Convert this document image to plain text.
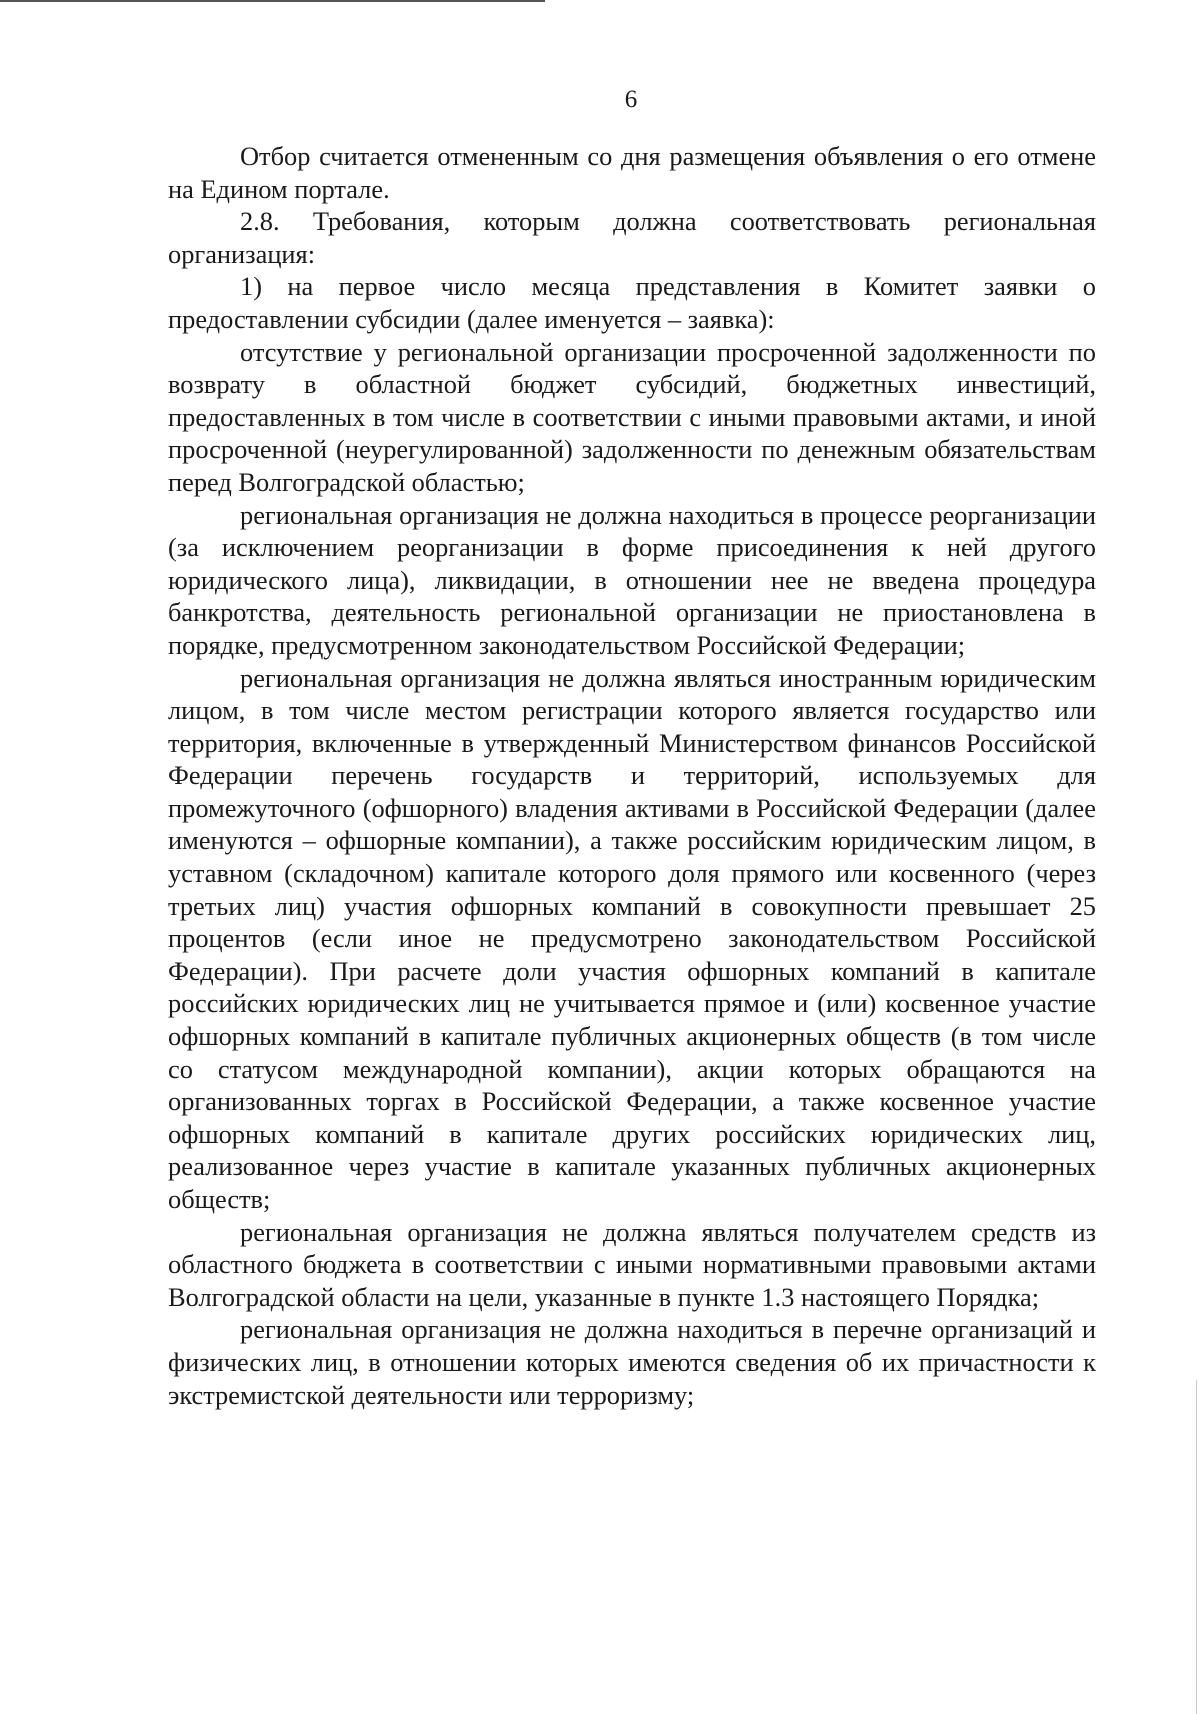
6

Отбор считается отмененным со дня размещения объявления о его отмене на Едином портале.

2.8. Требования, которым должна соответствовать региональная организация:

1) на первое число месяца представления в Комитет заявки о предоставлении субсидии (далее именуется – заявка):

отсутствие у региональной организации просроченной задолженности по возврату в областной бюджет субсидий, бюджетных инвестиций, предоставленных в том числе в соответствии с иными правовыми актами, и иной просроченной (неурегулированной) задолженности по денежным обязательствам перед Волгоградской областью;

региональная организация не должна находиться в процессе реорганизации (за исключением реорганизации в форме присоединения к ней другого юридического лица), ликвидации, в отношении нее не введена процедура банкротства, деятельность региональной организации не приостановлена в порядке, предусмотренном законодательством Российской Федерации;

региональная организация не должна являться иностранным юридическим лицом, в том числе местом регистрации которого является государство или территория, включенные в утвержденный Министерством финансов Российской Федерации перечень государств и территорий, используемых для промежуточного (офшорного) владения активами в Российской Федерации (далее именуются – офшорные компании), а также российским юридическим лицом, в уставном (складочном) капитале которого доля прямого или косвенного (через третьих лиц) участия офшорных компаний в совокупности превышает 25 процентов (если иное не предусмотрено законодательством Российской Федерации). При расчете доли участия офшорных компаний в капитале российских юридических лиц не учитывается прямое и (или) косвенное участие офшорных компаний в капитале публичных акционерных обществ (в том числе со статусом международной компании), акции которых обращаются на организованных торгах в Российской Федерации, а также косвенное участие офшорных компаний в капитале других российских юридических лиц, реализованное через участие в капитале указанных публичных акционерных обществ;

региональная организация не должна являться получателем средств из областного бюджета в соответствии с иными нормативными правовыми актами Волгоградской области на цели, указанные в пункте 1.3 настоящего Порядка;

региональная организация не должна находиться в перечне организаций и физических лиц, в отношении которых имеются сведения об их причастности к экстремистской деятельности или терроризму;
